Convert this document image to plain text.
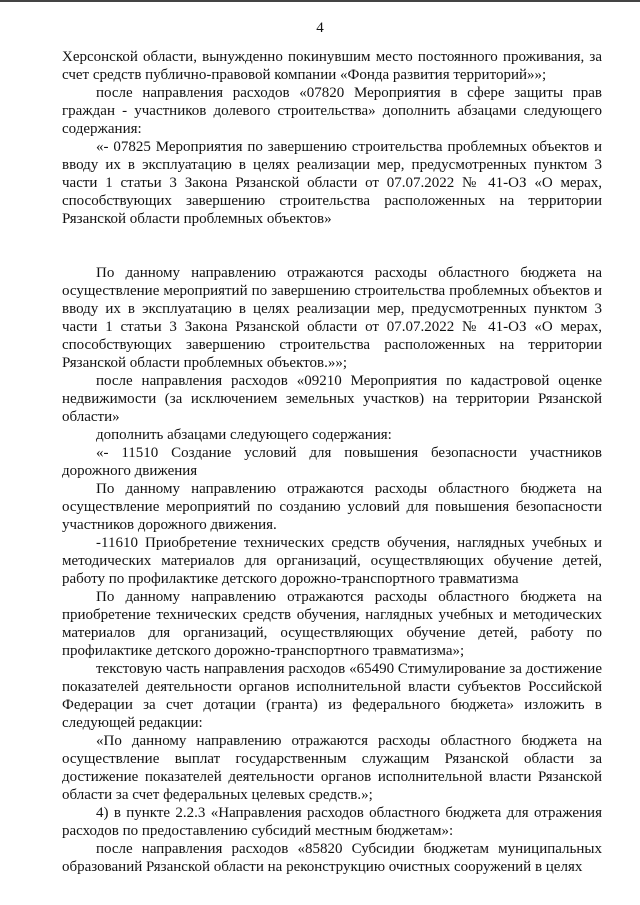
4

Херсонской области, вынужденно покинувшим место постоянного проживания, за счет средств публично-правовой компании «Фонда развития территорий»»;

после направления расходов «07820 Мероприятия в сфере защиты прав граждан - участников долевого строительства» дополнить абзацами следующего содержания:

«- 07825 Мероприятия по завершению строительства проблемных объектов и вводу их в эксплуатацию в целях реализации мер, предусмотренных пунктом 3 части 1 статьи 3 Закона Рязанской области от 07.07.2022 № 41-ОЗ «О мерах, способствующих завершению строительства расположенных на территории Рязанской области проблемных объектов»

По данному направлению отражаются расходы областного бюджета на осуществление мероприятий по завершению строительства проблемных объектов и вводу их в эксплуатацию в целях реализации мер, предусмотренных пунктом 3 части 1 статьи 3 Закона Рязанской области от 07.07.2022 № 41-ОЗ «О мерах, способствующих завершению строительства расположенных на территории Рязанской области проблемных объектов.»»;

после направления расходов «09210 Мероприятия по кадастровой оценке недвижимости (за исключением земельных участков) на территории Рязанской области»

дополнить абзацами следующего содержания:

«- 11510 Создание условий для повышения безопасности участников дорожного движения

По данному направлению отражаются расходы областного бюджета на осуществление мероприятий по созданию условий для повышения безопасности участников дорожного движения.

-11610 Приобретение технических средств обучения, наглядных учебных и методических материалов для организаций, осуществляющих обучение детей, работу по профилактике детского дорожно-транспортного травматизма

По данному направлению отражаются расходы областного бюджета на приобретение технических средств обучения, наглядных учебных и методических материалов для организаций, осуществляющих обучение детей, работу по профилактике детского дорожно-транспортного травматизма»;

текстовую часть направления расходов «65490 Стимулирование за достижение показателей деятельности органов исполнительной власти субъектов Российской Федерации за счет дотации (гранта) из федерального бюджета» изложить в следующей редакции:

«По данному направлению отражаются расходы областного бюджета на осуществление выплат государственным служащим Рязанской области за достижение показателей деятельности органов исполнительной власти Рязанской области за счет федеральных целевых средств.»;

4) в пункте 2.2.3 «Направления расходов областного бюджета для отражения расходов по предоставлению субсидий местным бюджетам»:

после направления расходов «85820 Субсидии бюджетам муниципальных образований Рязанской области на реконструкцию очистных сооружений в целях
